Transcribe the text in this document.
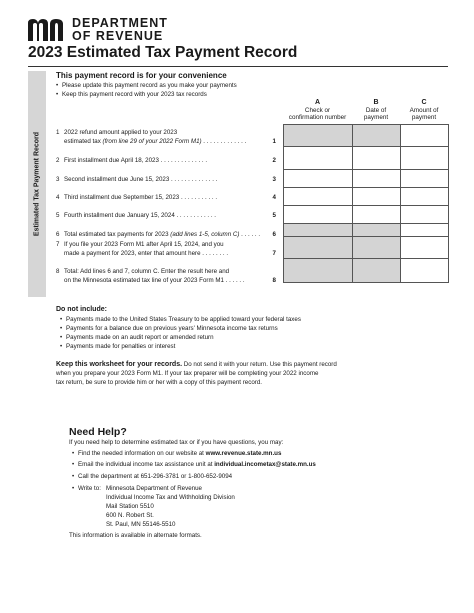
DEPARTMENT
OF REVENUE
2023 Estimated Tax Payment Record
Estimated Tax Payment Record
This payment record is for your convenience
• Please update this payment record as you make your payments
• Keep this payment record with your 2023 tax records
A
Check or
confirmation number
B
Date of
payment
C
Amount of
payment
1 2022 refund amount applied to your 2023
estimated tax (from line 29 of your 2022 Form M1) . . . . . . . . . . . . .	1
2 First installment due April 18, 2023 . . . . . . . . . . . . . .	2
3 Second installment due June 15, 2023 . . . . . . . . . . . . . .	3
4 Third installment due September 15, 2023 . . . . . . . . . . .	4
5 Fourth installment due January 15, 2024 . . . . . . . . . . . .	5
6 Total estimated tax payments for 2023 (add lines 1-5, column C) . . . . . . 6
7 If you file your 2023 Form M1 after April 15, 2024, and you
made a payment for 2023, enter that amount here . . . . . . . .	7
8 Total: Add lines 6 and 7, column C. Enter the result here and
on the Minnesota estimated tax line of your 2023 Form M1 . . . . . .	8
Do not include:
• Payments made to the United States Treasury to be applied toward your federal taxes
• Payments for a balance due on previous years' Minnesota income tax returns
• Payments made on an audit report or amended return
• Payments made for penalties or interest
Keep this worksheet for your records. Do not send it with your return. Use this payment record
when you prepare your 2023 Form M1. If your tax preparer will be completing your 2022 income
tax return, be sure to provide him or her with a copy of this payment record.
Need Help?
If you need help to determine estimated tax or if you have questions, you may:
• Find the needed information on our website at www.revenue.state.mn.us
• Email the individual income tax assistance unit at individual.incometax@state.mn.us
• Call the department at 651-296-3781 or 1-800-652-9094
• Write to: Minnesota Department of Revenue
Individual Income Tax and Withholding Division
Mail Station 5510
600 N. Robert St.
St. Paul, MN 55146-5510
This information is available in alternate formats.
